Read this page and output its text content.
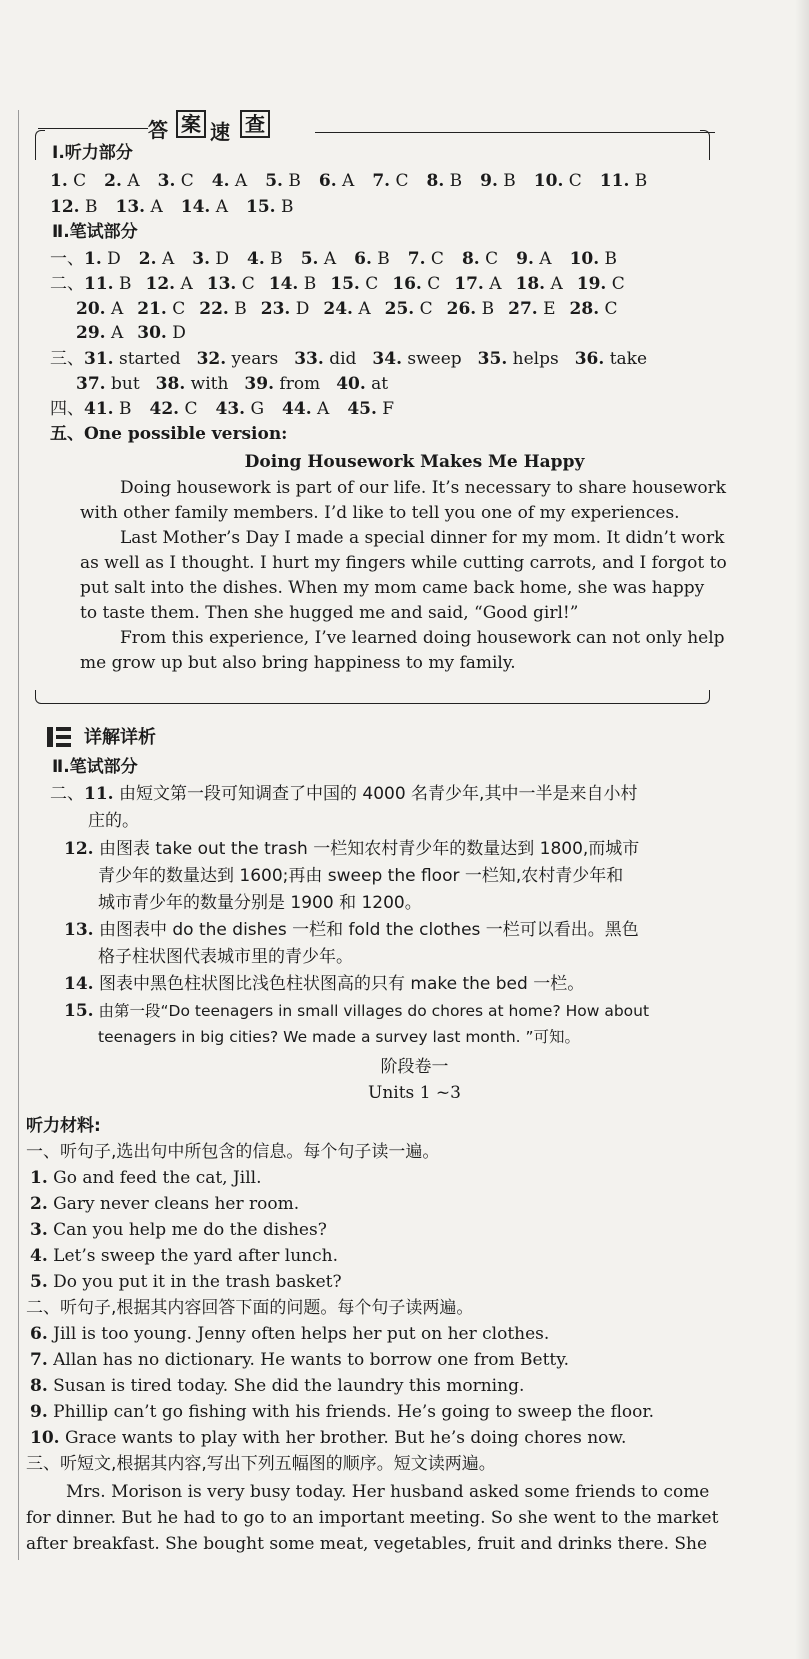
答 案 速 查
Ⅰ.听力部分
1. C 2. A 3. C 4. A 5. B 6. A 7. C 8. B 9. B 10. C 11. B
12. B 13. A 14. A 15. B
Ⅱ.笔试部分
一、1. D 2. A 3. D 4. B 5. A 6. B 7. C 8. C 9. A 10. B
二、11. B 12. A 13. C 14. B 15. C 16. C 17. A 18. A 19. C
20. A 21. C 22. B 23. D 24. A 25. C 26. B 27. E 28. C
29. A 30. D
三、31. started 32. years 33. did 34. sweep 35. helps 36. take
37. but 38. with 39. from 40. at
四、41. B 42. C 43. G 44. A 45. F
五、One possible version:
Doing Housework Makes Me Happy
Doing housework is part of our life. It’s necessary to share housework
with other family members. I’d like to tell you one of my experiences.
Last Mother’s Day I made a special dinner for my mom. It didn’t work
as well as I thought. I hurt my fingers while cutting carrots, and I forgot to
put salt into the dishes. When my mom came back home, she was happy
to taste them. Then she hugged me and said, “Good girl!”
From this experience, I’ve learned doing housework can not only help
me grow up but also bring happiness to my family.
详解详析
Ⅱ.笔试部分
二、11. 由短文第一段可知调查了中国的 4000 名青少年,其中一半是来自小村
庄的。
12. 由图表 take out the trash 一栏知农村青少年的数量达到 1800,而城市
青少年的数量达到 1600;再由 sweep the floor 一栏知,农村青少年和
城市青少年的数量分别是 1900 和 1200。
13. 由图表中 do the dishes 一栏和 fold the clothes 一栏可以看出。黑色
格子柱状图代表城市里的青少年。
14. 图表中黑色柱状图比浅色柱状图高的只有 make the bed 一栏。
15. 由第一段“Do teenagers in small villages do chores at home? How about
teenagers in big cities? We made a survey last month. ”可知。
阶段卷一
Units 1 ~3
听力材料:
一、听句子,选出句中所包含的信息。每个句子读一遍。
1. Go and feed the cat, Jill.
2. Gary never cleans her room.
3. Can you help me do the dishes?
4. Let’s sweep the yard after lunch.
5. Do you put it in the trash basket?
二、听句子,根据其内容回答下面的问题。每个句子读两遍。
6. Jill is too young. Jenny often helps her put on her clothes.
7. Allan has no dictionary. He wants to borrow one from Betty.
8. Susan is tired today. She did the laundry this morning.
9. Phillip can’t go fishing with his friends. He’s going to sweep the floor.
10. Grace wants to play with her brother. But he’s doing chores now.
三、听短文,根据其内容,写出下列五幅图的顺序。短文读两遍。
Mrs. Morison is very busy today. Her husband asked some friends to come
for dinner. But he had to go to an important meeting. So she went to the market
after breakfast. She bought some meat, vegetables, fruit and drinks there. She
